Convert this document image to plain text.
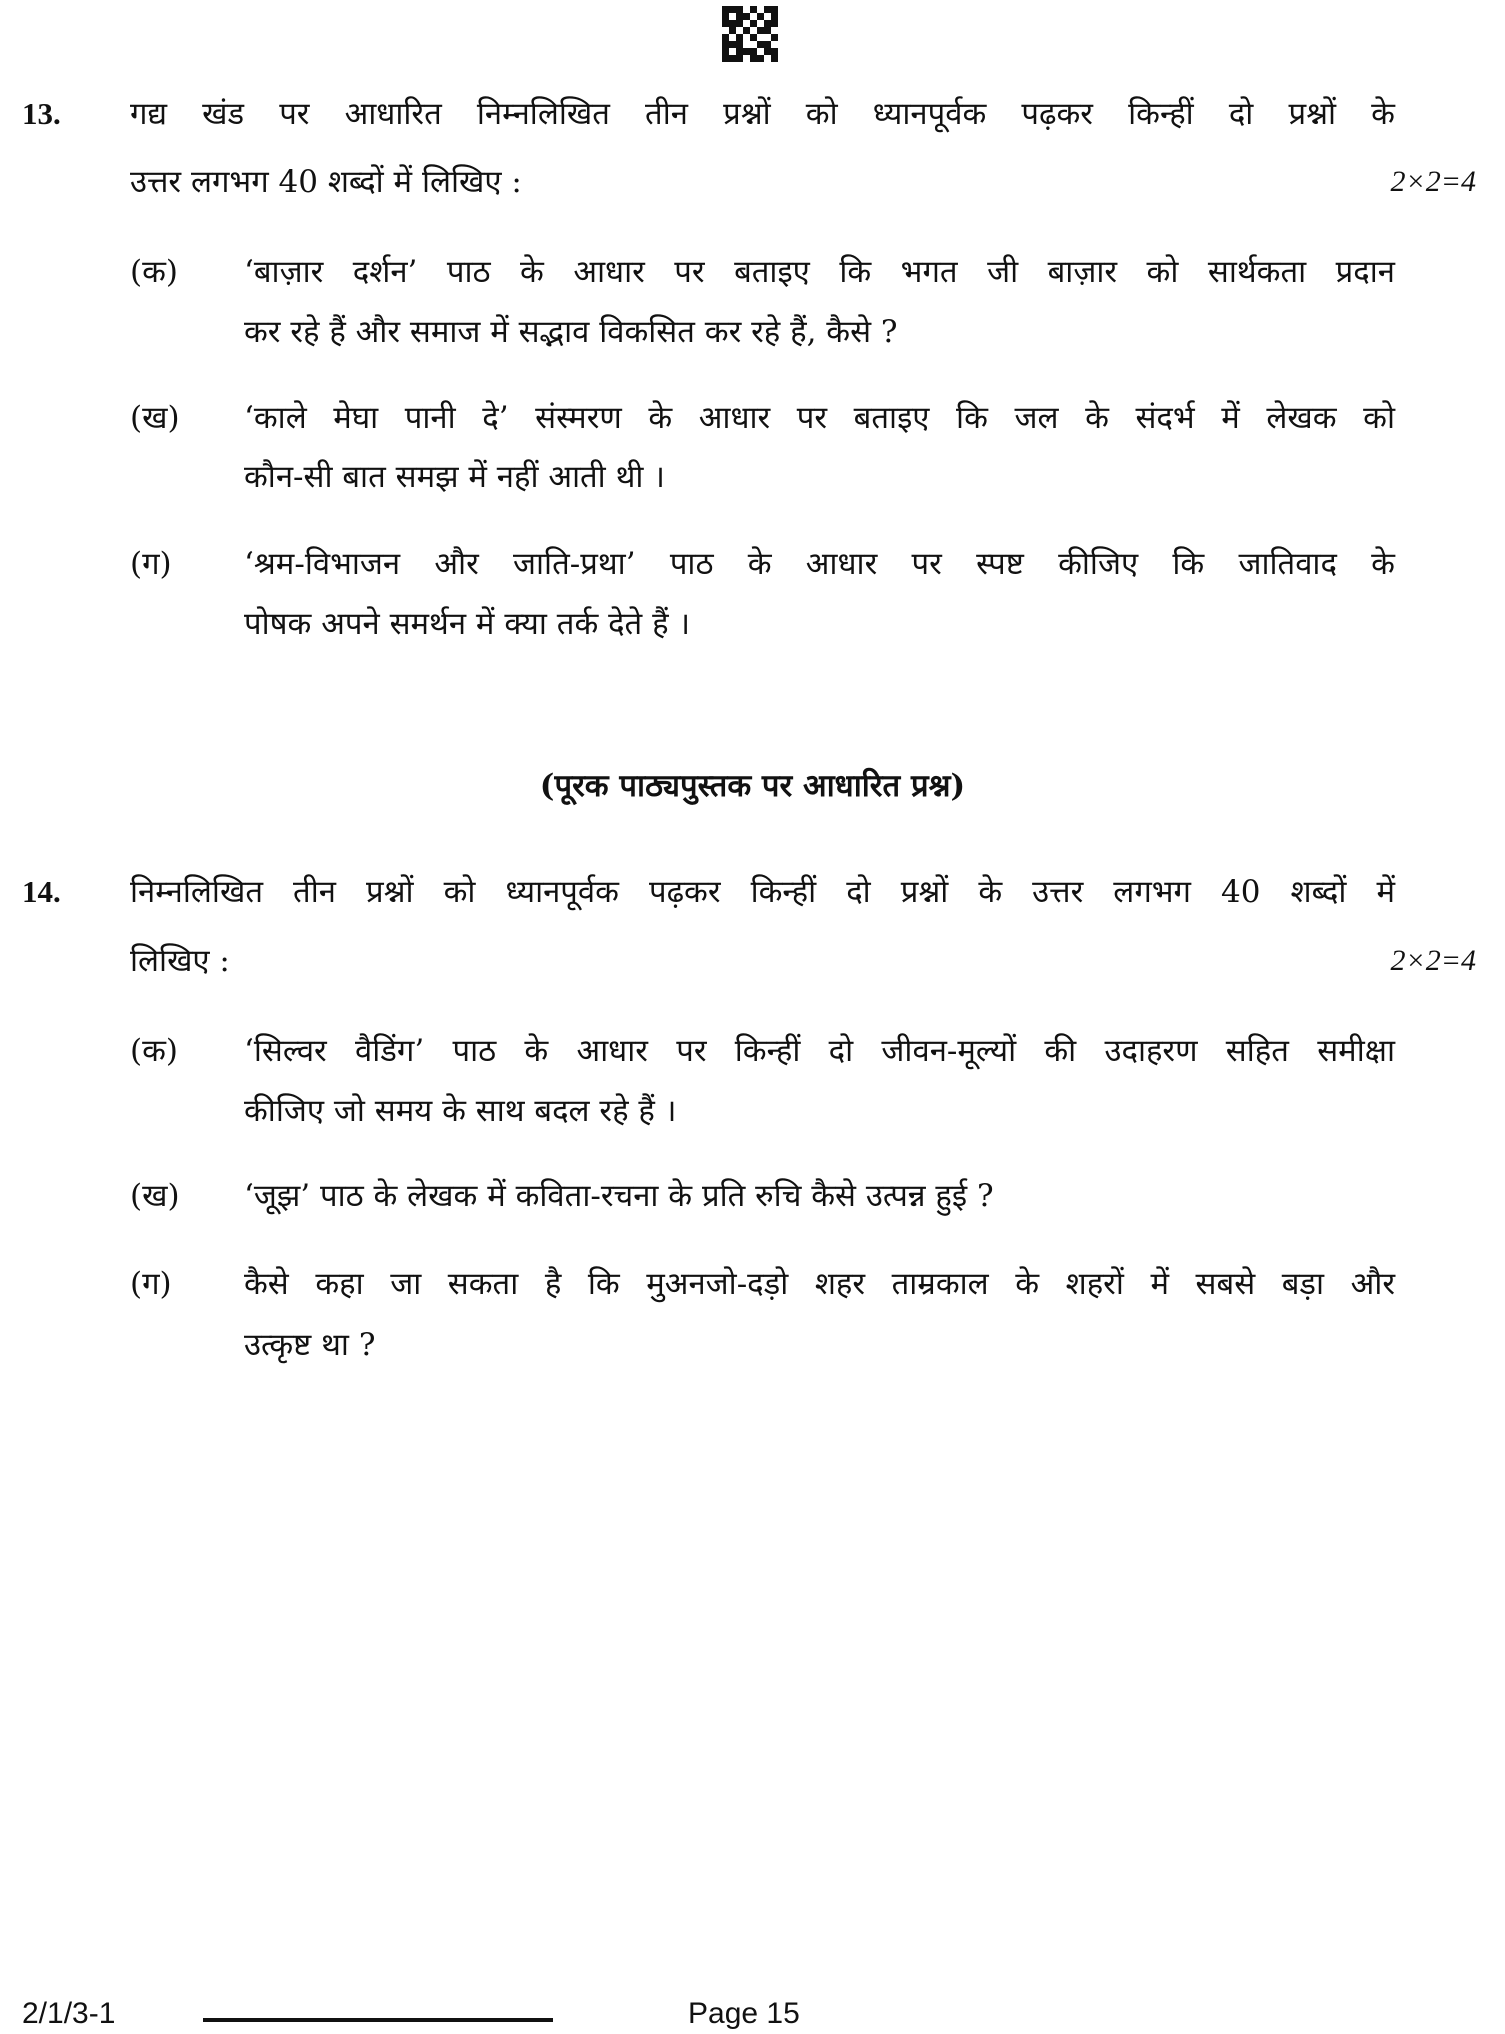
13. गद्य खंड पर आधारित निम्नलिखित तीन प्रश्नों को ध्यानपूर्वक पढ़कर किन्हीं दो प्रश्नों के
उत्तर लगभग 40 शब्दों में लिखिए :	2×2=4
(क) ‘बाज़ार दर्शन’ पाठ के आधार पर बताइए कि भगत जी बाज़ार को सार्थकता प्रदान
कर रहे हैं और समाज में सद्भाव विकसित कर रहे हैं, कैसे ?
(ख) ‘काले मेघा पानी दे’ संस्मरण के आधार पर बताइए कि जल के संदर्भ में लेखक को
कौन-सी बात समझ में नहीं आती थी ।
(ग) ‘श्रम-विभाजन और जाति-प्रथा’ पाठ के आधार पर स्पष्ट कीजिए कि जातिवाद के
पोषक अपने समर्थन में क्या तर्क देते हैं ।
(पूरक पाठ्यपुस्तक पर आधारित प्रश्न)
14. निम्नलिखित तीन प्रश्नों को ध्यानपूर्वक पढ़कर किन्हीं दो प्रश्नों के उत्तर लगभग 40 शब्दों में
लिखिए :	2×2=4
(क) ‘सिल्वर वैडिंग’ पाठ के आधार पर किन्हीं दो जीवन-मूल्यों की उदाहरण सहित समीक्षा
कीजिए जो समय के साथ बदल रहे हैं ।
(ख) ‘जूझ’ पाठ के लेखक में कविता-रचना के प्रति रुचि कैसे उत्पन्न हुई ?
(ग) कैसे कहा जा सकता है कि मुअनजो-दड़ो शहर ताम्रकाल के शहरों में सबसे बड़ा और
उत्कृष्ट था ?
2/1/3-1	Page 15
